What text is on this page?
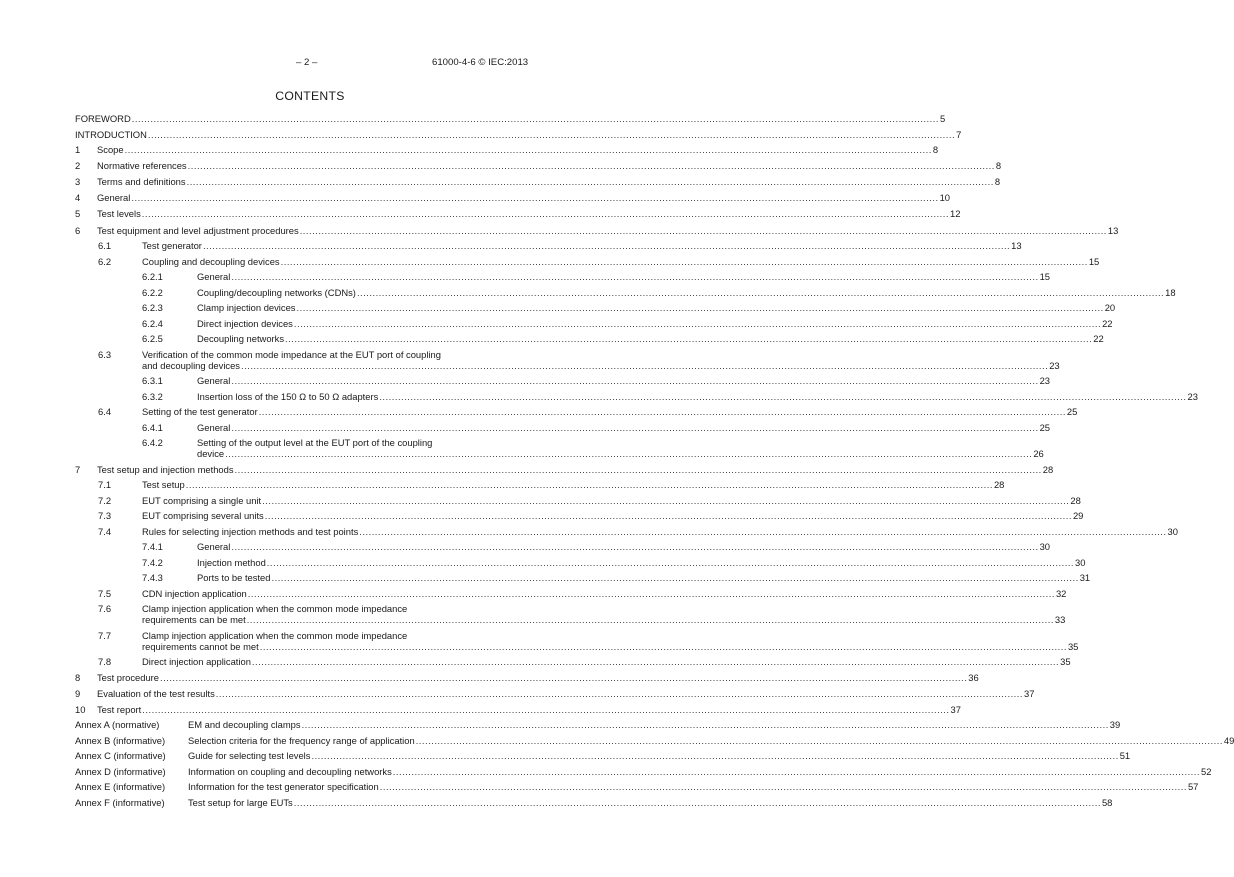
– 2 –	61000-4-6 © IEC:2013
CONTENTS
FOREWORD .................................................................................................................................................................................................................................................................... 5
INTRODUCTION .................................................................................................................................................................................................................................................................... 7
1 Scope .................................................................................................................................................................................................................................................................... 8
2 Normative references .................................................................................................................................................................................................................................................................... 8
3 Terms and definitions .................................................................................................................................................................................................................................................................... 8
4 General .................................................................................................................................................................................................................................................................... 10
5 Test levels .................................................................................................................................................................................................................................................................... 12
6 Test equipment and level adjustment procedures .................................................................................................................................................................................................................................................................... 13
6.1	Test generator .................................................................................................................................................................................................................................................................... 13
6.2	Coupling and decoupling devices .................................................................................................................................................................................................................................................................... 15
6.2.1	General .................................................................................................................................................................................................................................................................... 15
6.2.2	Coupling/decoupling networks (CDNs) .................................................................................................................................................................................................................................................................... 18
6.2.3	Clamp injection devices .................................................................................................................................................................................................................................................................... 20
6.2.4	Direct injection devices .................................................................................................................................................................................................................................................................... 22
6.2.5	Decoupling networks .................................................................................................................................................................................................................................................................... 22
6.3	Verification of the common mode impedance at the EUT port of coupling
and decoupling devices .................................................................................................................................................................................................................................................................... 23
6.3.1	General .................................................................................................................................................................................................................................................................... 23
6.3.2	Insertion loss of the 150 Ω to 50 Ω adapters .................................................................................................................................................................................................................................................................... 23
6.4	Setting of the test generator .................................................................................................................................................................................................................................................................... 25
6.4.1	General .................................................................................................................................................................................................................................................................... 25
6.4.2	Setting of the output level at the EUT port of the coupling
device .................................................................................................................................................................................................................................................................... 26
7 Test setup and injection methods .................................................................................................................................................................................................................................................................... 28
7.1	Test setup .................................................................................................................................................................................................................................................................... 28
7.2	EUT comprising a single unit .................................................................................................................................................................................................................................................................... 28
7.3	EUT comprising several units .................................................................................................................................................................................................................................................................... 29
7.4	Rules for selecting injection methods and test points .................................................................................................................................................................................................................................................................... 30
7.4.1	General .................................................................................................................................................................................................................................................................... 30
7.4.2	Injection method .................................................................................................................................................................................................................................................................... 30
7.4.3	Ports to be tested .................................................................................................................................................................................................................................................................... 31
7.5	CDN injection application .................................................................................................................................................................................................................................................................... 32
7.6	Clamp injection application when the common mode impedance
requirements can be met .................................................................................................................................................................................................................................................................... 33
7.7	Clamp injection application when the common mode impedance
requirements cannot be met .................................................................................................................................................................................................................................................................... 35
7.8	Direct injection application .................................................................................................................................................................................................................................................................... 35
8 Test procedure .................................................................................................................................................................................................................................................................... 36
9 Evaluation of the test results .................................................................................................................................................................................................................................................................... 37
10 Test report .................................................................................................................................................................................................................................................................... 37
Annex A (normative)	EM and decoupling clamps .................................................................................................................................................................................................................................................................... 39
Annex B (informative) Selection criteria for the frequency range of application .................................................................................................................................................................................................................................................................... 49
Annex C (informative) Guide for selecting test levels .................................................................................................................................................................................................................................................................... 51
Annex D (informative) Information on coupling and decoupling networks .................................................................................................................................................................................................................................................................... 52
Annex E (informative) Information for the test generator specification .................................................................................................................................................................................................................................................................... 57
Annex F (informative) Test setup for large EUTs .................................................................................................................................................................................................................................................................... 58
